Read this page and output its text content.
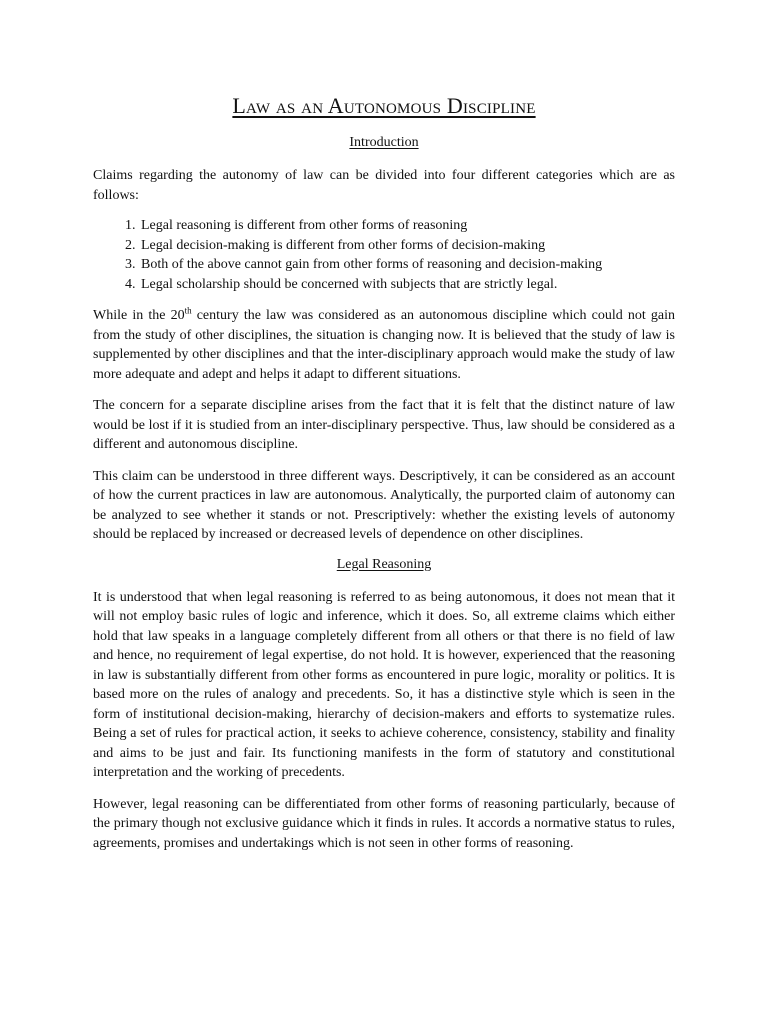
Law as an Autonomous Discipline
Introduction

Claims regarding the autonomy of law can be divided into four different categories which are as follows:

1. Legal reasoning is different from other forms of reasoning
2. Legal decision-making is different from other forms of decision-making
3. Both of the above cannot gain from other forms of reasoning and decision-making
4. Legal scholarship should be concerned with subjects that are strictly legal.

While in the 20th century the law was considered as an autonomous discipline which could not gain from the study of other disciplines, the situation is changing now. It is believed that the study of law is supplemented by other disciplines and that the inter-disciplinary approach would make the study of law more adequate and adept and helps it adapt to different situations.

The concern for a separate discipline arises from the fact that it is felt that the distinct nature of law would be lost if it is studied from an inter-disciplinary perspective. Thus, law should be considered as a different and autonomous discipline.

This claim can be understood in three different ways. Descriptively, it can be considered as an account of how the current practices in law are autonomous. Analytically, the purported claim of autonomy can be analyzed to see whether it stands or not. Prescriptively: whether the existing levels of autonomy should be replaced by increased or decreased levels of dependence on other disciplines.

Legal Reasoning

It is understood that when legal reasoning is referred to as being autonomous, it does not mean that it will not employ basic rules of logic and inference, which it does. So, all extreme claims which either hold that law speaks in a language completely different from all others or that there is no field of law and hence, no requirement of legal expertise, do not hold. It is however, experienced that the reasoning in law is substantially different from other forms as encountered in pure logic, morality or politics. It is based more on the rules of analogy and precedents. So, it has a distinctive style which is seen in the form of institutional decision-making, hierarchy of decision-makers and efforts to systematize rules. Being a set of rules for practical action, it seeks to achieve coherence, consistency, stability and finality and aims to be just and fair. Its functioning manifests in the form of statutory and constitutional interpretation and the working of precedents.

However, legal reasoning can be differentiated from other forms of reasoning particularly, because of the primary though not exclusive guidance which it finds in rules. It accords a normative status to rules, agreements, promises and undertakings which is not seen in other forms of reasoning.
